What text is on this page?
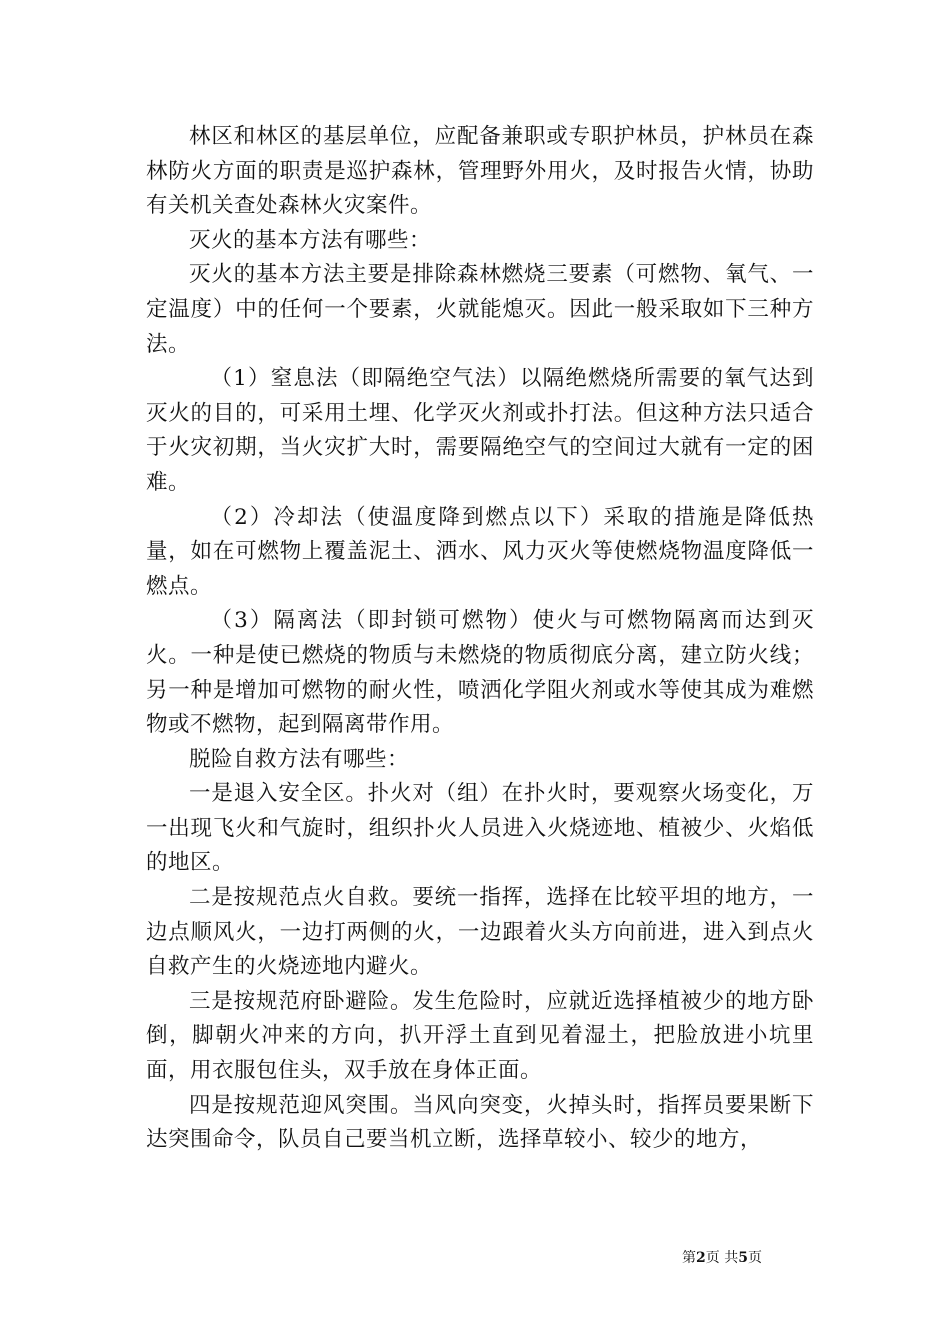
林区和林区的基层单位，应配备兼职或专职护林员，护林员在森林防火方面的职责是巡护森林，管理野外用火，及时报告火情，协助有关机关查处森林火灾案件。

灭火的基本方法有哪些：

灭火的基本方法主要是排除森林燃烧三要素（可燃物、氧气、一定温度）中的任何一个要素，火就能熄灭。因此一般采取如下三种方法。

（1）窒息法（即隔绝空气法）以隔绝燃烧所需要的氧气达到灭火的目的，可采用土埋、化学灭火剂或扑打法。但这种方法只适合于火灾初期，当火灾扩大时，需要隔绝空气的空间过大就有一定的困难。

（2）冷却法（使温度降到燃点以下）采取的措施是降低热量，如在可燃物上覆盖泥土、洒水、风力灭火等使燃烧物温度降低一燃点。

（3）隔离法（即封锁可燃物）使火与可燃物隔离而达到灭火。一种是使已燃烧的物质与未燃烧的物质彻底分离，建立防火线；另一种是增加可燃物的耐火性，喷洒化学阻火剂或水等使其成为难燃物或不燃物，起到隔离带作用。

脱险自救方法有哪些：

一是退入安全区。扑火对（组）在扑火时，要观察火场变化，万一出现飞火和气旋时，组织扑火人员进入火烧迹地、植被少、火焰低的地区。

二是按规范点火自救。要统一指挥，选择在比较平坦的地方，一边点顺风火，一边打两侧的火，一边跟着火头方向前进，进入到点火自救产生的火烧迹地内避火。

三是按规范府卧避险。发生危险时，应就近选择植被少的地方卧倒，脚朝火冲来的方向，扒开浮土直到见着湿土，把脸放进小坑里面，用衣服包住头，双手放在身体正面。

四是按规范迎风突围。当风向突变，火掉头时，指挥员要果断下达突围命令，队员自己要当机立断，选择草较小、较少的地方，

第2页 共5页
